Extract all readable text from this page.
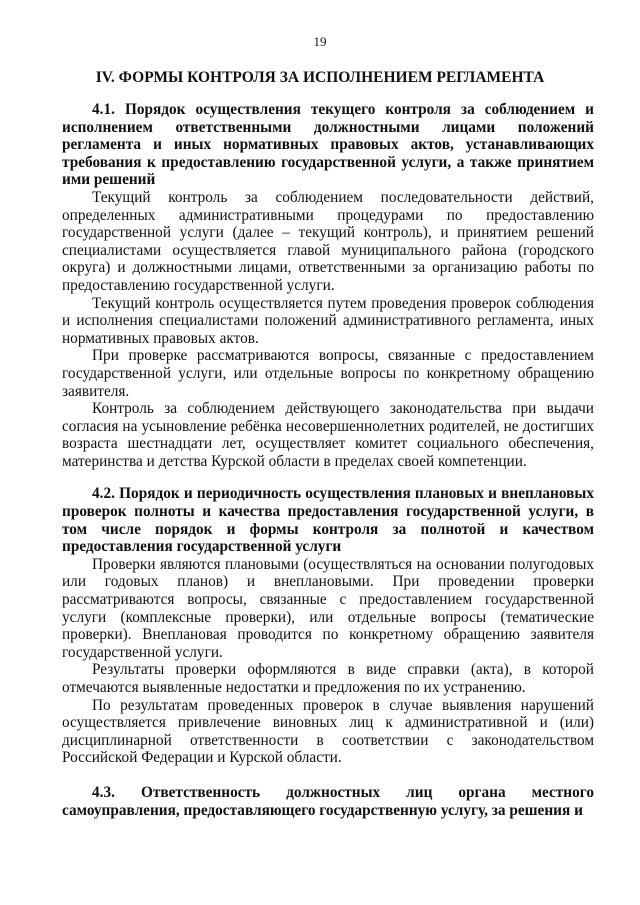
19
IV. ФОРМЫ КОНТРОЛЯ ЗА ИСПОЛНЕНИЕМ РЕГЛАМЕНТА

4.1. Порядок осуществления текущего контроля за соблюдением и исполнением ответственными должностными лицами положений регламента и иных нормативных правовых актов, устанавливающих требования к предоставлению государственной услуги, а также принятием ими решений

Текущий контроль за соблюдением последовательности действий, определенных административными процедурами по предоставлению государственной услуги (далее – текущий контроль), и принятием решений специалистами осуществляется главой муниципального района (городского округа) и должностными лицами, ответственными за организацию работы по предоставлению государственной услуги.

Текущий контроль осуществляется путем проведения проверок соблюдения и исполнения специалистами положений административного регламента, иных нормативных правовых актов.

При проверке рассматриваются вопросы, связанные с предоставлением государственной услуги, или отдельные вопросы по конкретному обращению заявителя.

Контроль за соблюдением действующего законодательства при выдачи согласия на усыновление ребёнка несовершеннолетних родителей, не достигших возраста шестнадцати лет, осуществляет комитет социального обеспечения, материнства и детства Курской области в пределах своей компетенции.

4.2. Порядок и периодичность осуществления плановых и внеплановых проверок полноты и качества предоставления государственной услуги, в том числе порядок и формы контроля за полнотой и качеством предоставления государственной услуги

Проверки являются плановыми (осуществляться на основании полугодовых или годовых планов) и внеплановыми. При проведении проверки рассматриваются вопросы, связанные с предоставлением государственной услуги (комплексные проверки), или отдельные вопросы (тематические проверки). Внеплановая проводится по конкретному обращению заявителя государственной услуги.

Результаты проверки оформляются в виде справки (акта), в которой отмечаются выявленные недостатки и предложения по их устранению.

По результатам проведенных проверок в случае выявления нарушений осуществляется привлечение виновных лиц к административной и (или) дисциплинарной ответственности в соответствии с законодательством Российской Федерации и Курской области.

4.3. Ответственность должностных лиц органа местного самоуправления, предоставляющего государственную услугу, за решения и
